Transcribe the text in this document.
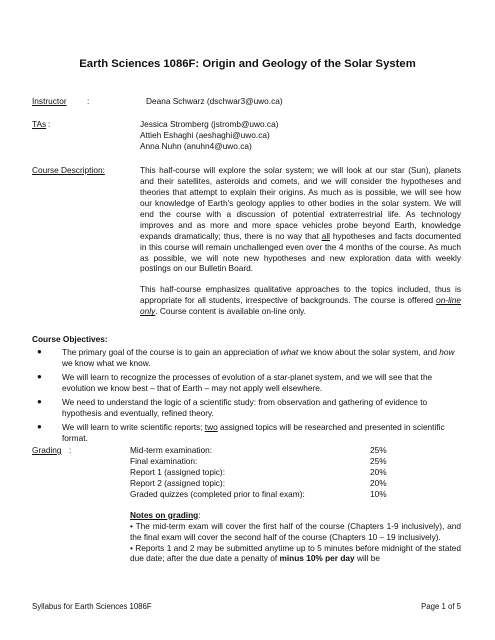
Earth Sciences 1086F: Origin and Geology of the Solar System
Instructor :	Deana Schwarz (dschwar3@uwo.ca)
TAs :	Jessica Stromberg (jstromb@uwo.ca)
Attieh Eshaghi (aeshaghi@uwo.ca)
Anna Nuhn (anuhn4@uwo.ca)
Course Description:	This half-course will explore the solar system; we will look at our star (Sun), planets and their satellites, asteroids and comets, and we will consider the hypotheses and theories that attempt to explain their origins. As much as is possible, we will see how our knowledge of Earth's geology applies to other bodies in the solar system. We will end the course with a discussion of potential extraterrestrial life. As technology improves and as more and more space vehicles probe beyond Earth, knowledge expands dramatically; thus, there is no way that all hypotheses and facts documented in this course will remain unchallenged even over the 4 months of the course. As much as possible, we will note new hypotheses and new exploration data with weekly postings on our Bulletin Board.

This half-course emphasizes qualitative approaches to the topics included, thus is appropriate for all students, irrespective of backgrounds. The course is offered on-line only. Course content is available on-line only.

Course Objectives:
● The primary goal of the course is to gain an appreciation of what we know about the solar system, and how we know what we know.
● We will learn to recognize the processes of evolution of a star-planet system, and we will see that the evolution we know best – that of Earth – may not apply well elsewhere.
● We need to understand the logic of a scientific study: from observation and gathering of evidence to hypothesis and eventually, refined theory.
● We will learn to write scientific reports; two assigned topics will be researched and presented in scientific format.
Grading :	Mid-term examination:	25%
Final examination:	25%
Report 1 (assigned topic):	20%
Report 2 (assigned topic):	20%
Graded quizzes (completed prior to final exam):	10%
Notes on grading:
• The mid-term exam will cover the first half of the course (Chapters 1-9 inclusively), and the final exam will cover the second half of the course (Chapters 10 – 19 inclusively).
• Reports 1 and 2 may be submitted anytime up to 5 minutes before midnight of the stated due date; after the due date a penalty of minus 10% per day will be
Syllabus for Earth Sciences 1086F	Page 1 of 5
